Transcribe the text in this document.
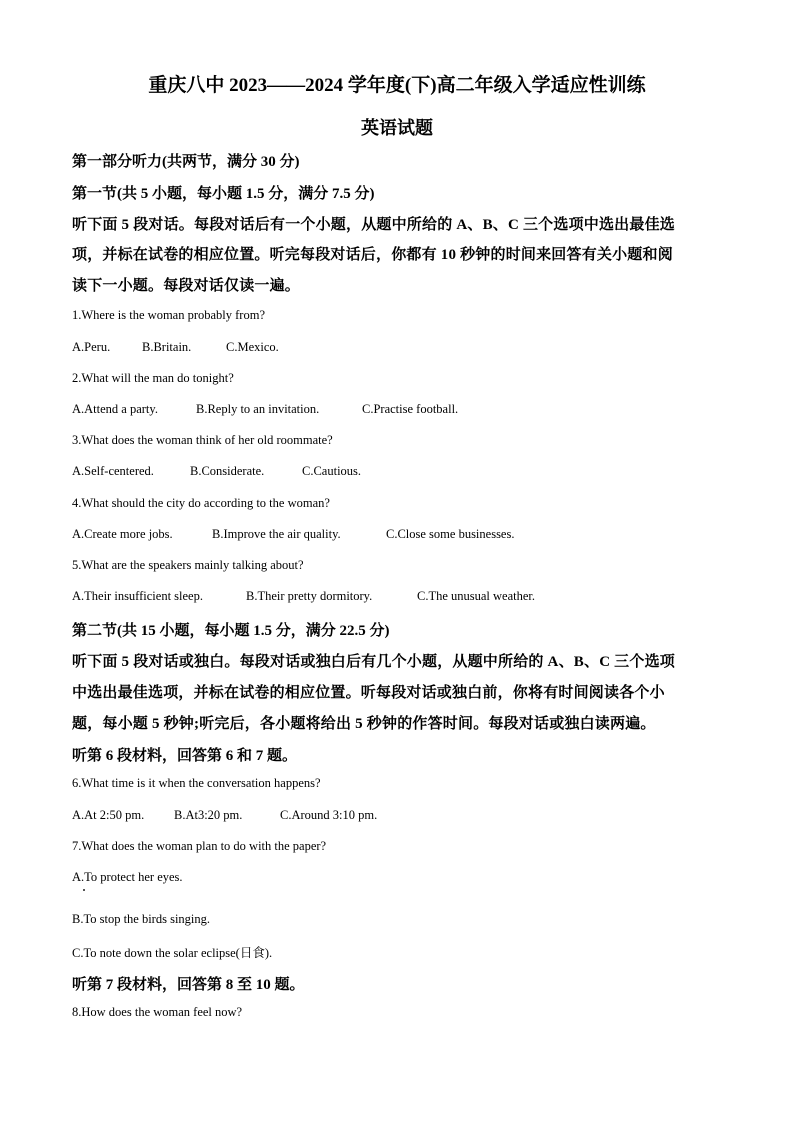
重庆八中 2023——2024 学年度(下)高二年级入学适应性训练
英语试题
第一部分听力(共两节，满分 30 分)
第一节(共 5 小题，每小题 1.5 分，满分 7.5 分)
听下面 5 段对话。每段对话后有一个小题，从题中所给的 A、B、C 三个选项中选出最佳选
项，并标在试卷的相应位置。听完每段对话后，你都有 10 秒钟的时间来回答有关小题和阅
读下一小题。每段对话仅读一遍。
1.Where is the woman probably from?
A.Peru.	B.Britain.	C.Mexico.
2.What will the man do tonight?
A.Attend a party.	B.Reply to an invitation.	C.Practise football.
3.What does the woman think of her old roommate?
A.Self-centered.	B.Considerate.	C.Cautious.
4.What should the city do according to the woman?
A.Create more jobs.	B.Improve the air quality.	C.Close some businesses.
5.What are the speakers mainly talking about?
A.Their insufficient sleep.	B.Their pretty dormitory.	C.The unusual weather.
第二节(共 15 小题，每小题 1.5 分，满分 22.5 分)
听下面 5 段对话或独白。每段对话或独白后有几个小题，从题中所给的 A、B、C 三个选项
中选出最佳选项，并标在试卷的相应位置。听每段对话或独白前，你将有时间阅读各个小
题，每小题 5 秒钟;听完后，各小题将给出 5 秒钟的作答时间。每段对话或独白读两遍。
听第 6 段材料，回答第 6 和 7 题。
6.What time is it when the conversation happens?
A.At 2:50 pm.	B.At3:20 pm.	C.Around 3:10 pm.
7.What does the woman plan to do with the paper?
A.To protect her eyes.
B.To stop the birds singing.
C.To note down the solar eclipse(日食).
听第 7 段材料，回答第 8 至 10 题。
8.How does the woman feel now?
